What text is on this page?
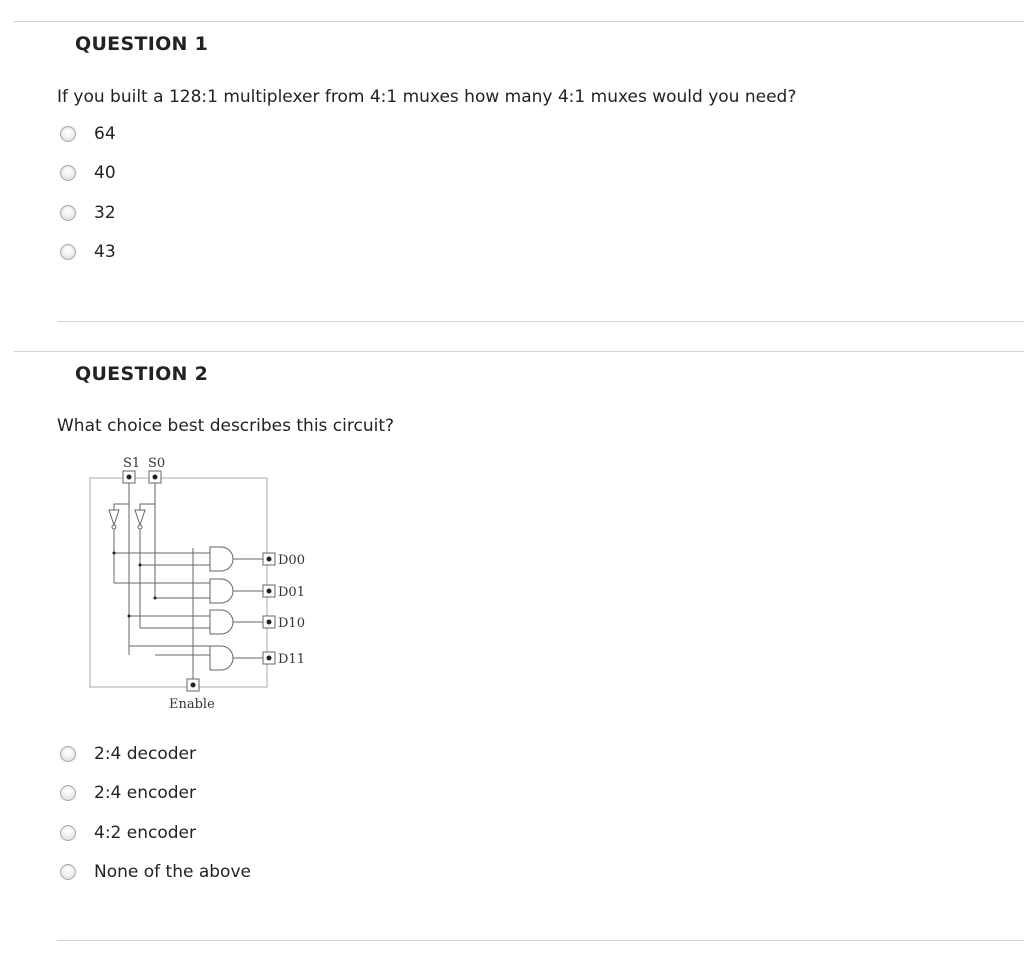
QUESTION 1
If you built a 128:1 multiplexer from 4:1 muxes how many 4:1 muxes would you need?
64
40
32
43
QUESTION 2
What choice best describes this circuit?
S1 S0
D00
D01
D10
D11
Enable
2:4 decoder
2:4 encoder
4:2 encoder
None of the above
